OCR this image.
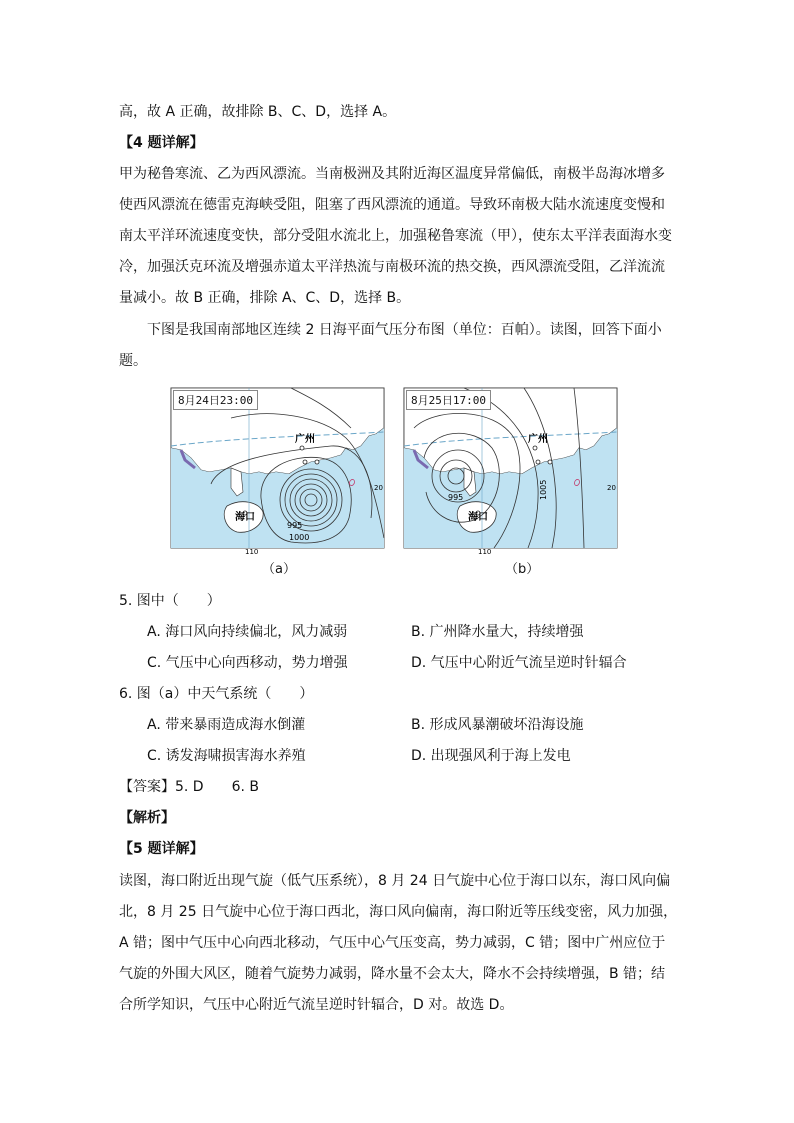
高，故 A 正确，故排除 B、C、D，选择 A。
【4 题详解】
甲为秘鲁寒流、乙为西风漂流。当南极洲及其附近海区温度异常偏低，南极半岛海冰增多
使西风漂流在德雷克海峡受阻，阻塞了西风漂流的通道。导致环南极大陆水流速度变慢和
南太平洋环流速度变快，部分受阻水流北上，加强秘鲁寒流（甲），使东太平洋表面海水变
冷，加强沃克环流及增强赤道太平洋热流与南极环流的热交换，西风漂流受阻，乙洋流流
量减小。故 B 正确，排除 A、C、D，选择 B。
下图是我国南部地区连续 2 日海平面气压分布图（单位：百帕）。读图，回答下面小
题。
广州
海口
995
1000
110
20
8月24日23:00
（a）
广州
海口
995	1005
110
20
8月25日17:00
（b）
5. 图中（　　）
A. 海口风向持续偏北，风力减弱	B. 广州降水量大，持续增强
C. 气压中心向西移动，势力增强	D. 气压中心附近气流呈逆时针辐合
6. 图（a）中天气系统（　　）
A. 带来暴雨造成海水倒灌	B. 形成风暴潮破坏沿海设施
C. 诱发海啸损害海水养殖	D. 出现强风利于海上发电
【答案】5. D　　6. B
【解析】
【5 题详解】
读图，海口附近出现气旋（低气压系统），8 月 24 日气旋中心位于海口以东，海口风向偏
北，8 月 25 日气旋中心位于海口西北，海口风向偏南，海口附近等压线变密，风力加强，
A 错；图中气压中心向西北移动，气压中心气压变高，势力减弱，C 错；图中广州应位于
气旋的外围大风区，随着气旋势力减弱，降水量不会太大，降水不会持续增强，B 错；结
合所学知识，气压中心附近气流呈逆时针辐合，D 对。故选 D。
